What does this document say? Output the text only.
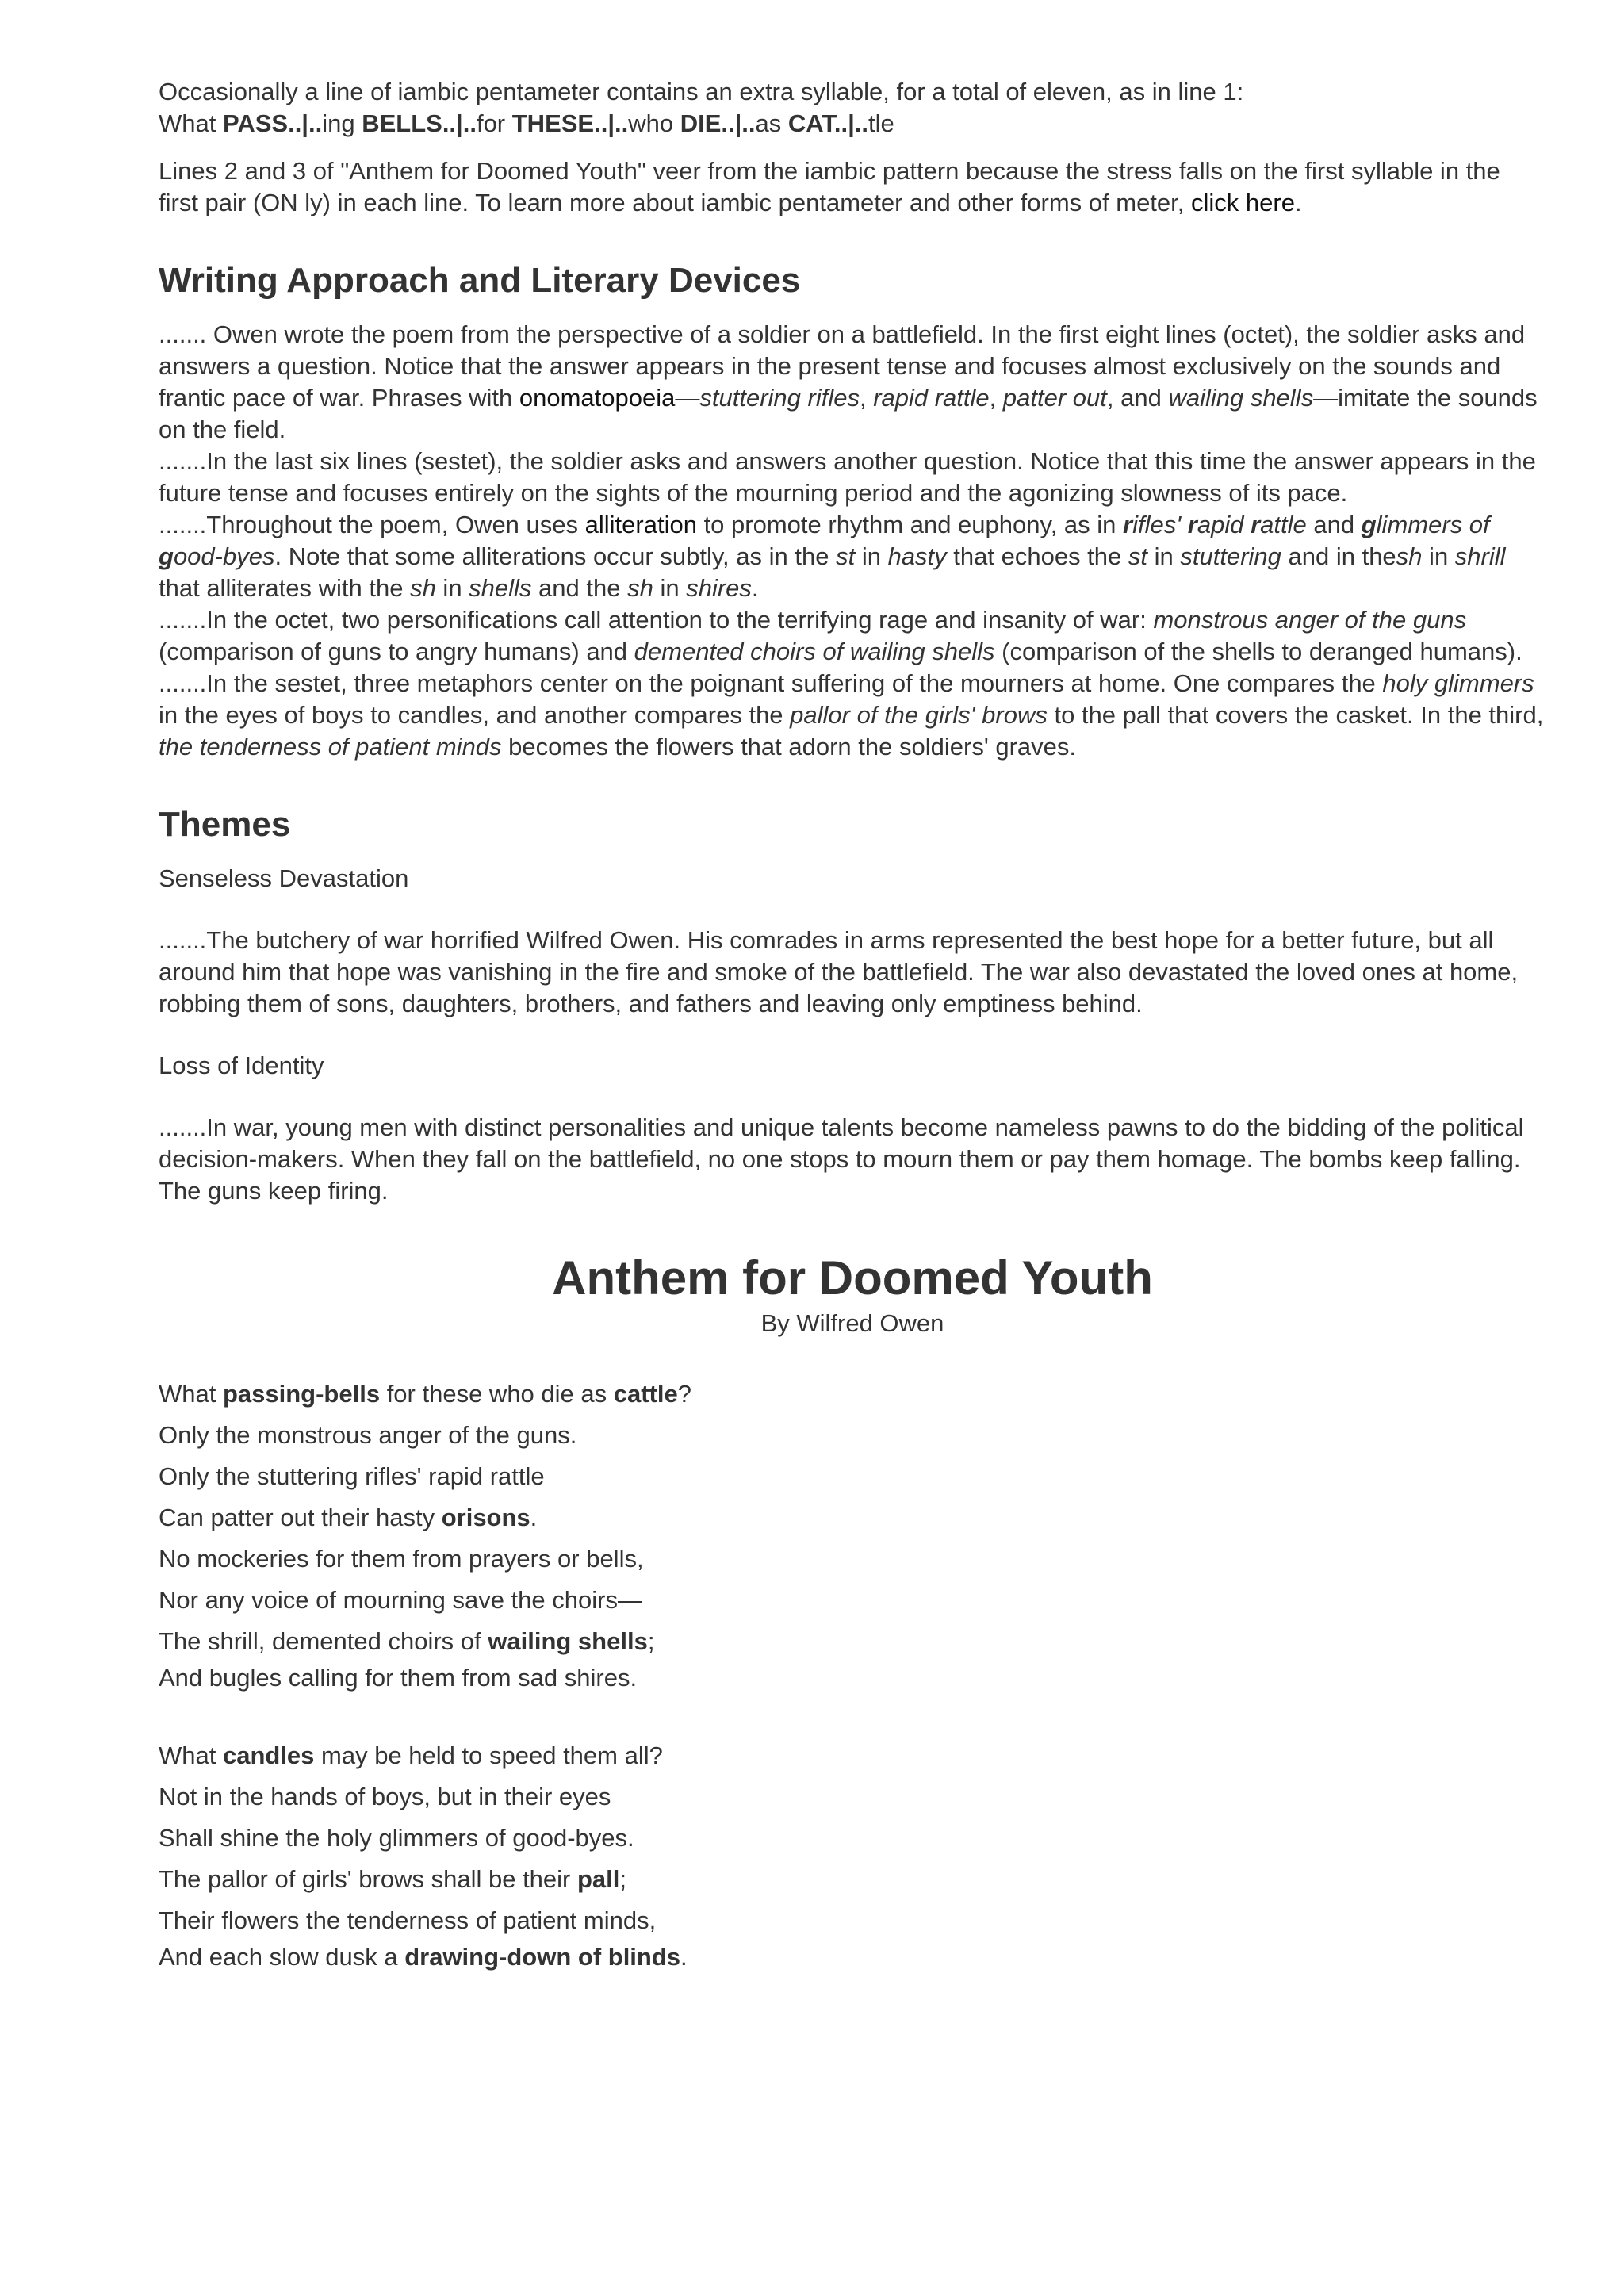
Occasionally a line of iambic pentameter contains an extra syllable, for a total of eleven, as in line 1:

What PASS..|..ing BELLS..|..for THESE..|..who DIE..|..as CAT..|..tle

Lines 2 and 3 of "Anthem for Doomed Youth" veer from the iambic pattern because the stress falls on the first syllable in the first pair (ON ly) in each line. To learn more about iambic pentameter and other forms of meter, click here.

Writing Approach and Literary Devices

....... Owen wrote the poem from the perspective of a soldier on a battlefield. In the first eight lines (octet), the soldier asks and answers a question. Notice that the answer appears in the present tense and focuses almost exclusively on the sounds and frantic pace of war. Phrases with onomatopoeia—stuttering rifles, rapid rattle, patter out, and wailing shells—imitate the sounds on the field.

.......In the last six lines (sestet), the soldier asks and answers another question. Notice that this time the answer appears in the future tense and focuses entirely on the sights of the mourning period and the agonizing slowness of its pace.

.......Throughout the poem, Owen uses alliteration to promote rhythm and euphony, as in rifles' rapid rattle and glimmers of good-byes. Note that some alliterations occur subtly, as in the st in hasty that echoes the st in stuttering and in thesh in shrill that alliterates with the sh in shells and the sh in shires.

.......In the octet, two personifications call attention to the terrifying rage and insanity of war: monstrous anger of the guns (comparison of guns to angry humans) and demented choirs of wailing shells (comparison of the shells to deranged humans).

.......In the sestet, three metaphors center on the poignant suffering of the mourners at home. One compares the holy glimmers in the eyes of boys to candles, and another compares the pallor of the girls' brows to the pall that covers the casket. In the third, the tenderness of patient minds becomes the flowers that adorn the soldiers' graves.

Themes

Senseless Devastation

.......The butchery of war horrified Wilfred Owen. His comrades in arms represented the best hope for a better future, but all around him that hope was vanishing in the fire and smoke of the battlefield. The war also devastated the loved ones at home, robbing them of sons, daughters, brothers, and fathers and leaving only emptiness behind.

Loss of Identity

.......In war, young men with distinct personalities and unique talents become nameless pawns to do the bidding of the political decision-makers. When they fall on the battlefield, no one stops to mourn them or pay them homage. The bombs keep falling. The guns keep firing.

Anthem for Doomed Youth
By Wilfred Owen
What passing-bells for these who die as cattle?
Only the monstrous anger of the guns.
Only the stuttering rifles' rapid rattle
Can patter out their hasty orisons.
No mockeries for them from prayers or bells,
Nor any voice of mourning save the choirs—
The shrill, demented choirs of wailing shells;
And bugles calling for them from sad shires.
What candles may be held to speed them all?
Not in the hands of boys, but in their eyes
Shall shine the holy glimmers of good-byes.
The pallor of girls' brows shall be their pall;
Their flowers the tenderness of patient minds,
And each slow dusk a drawing-down of blinds.
